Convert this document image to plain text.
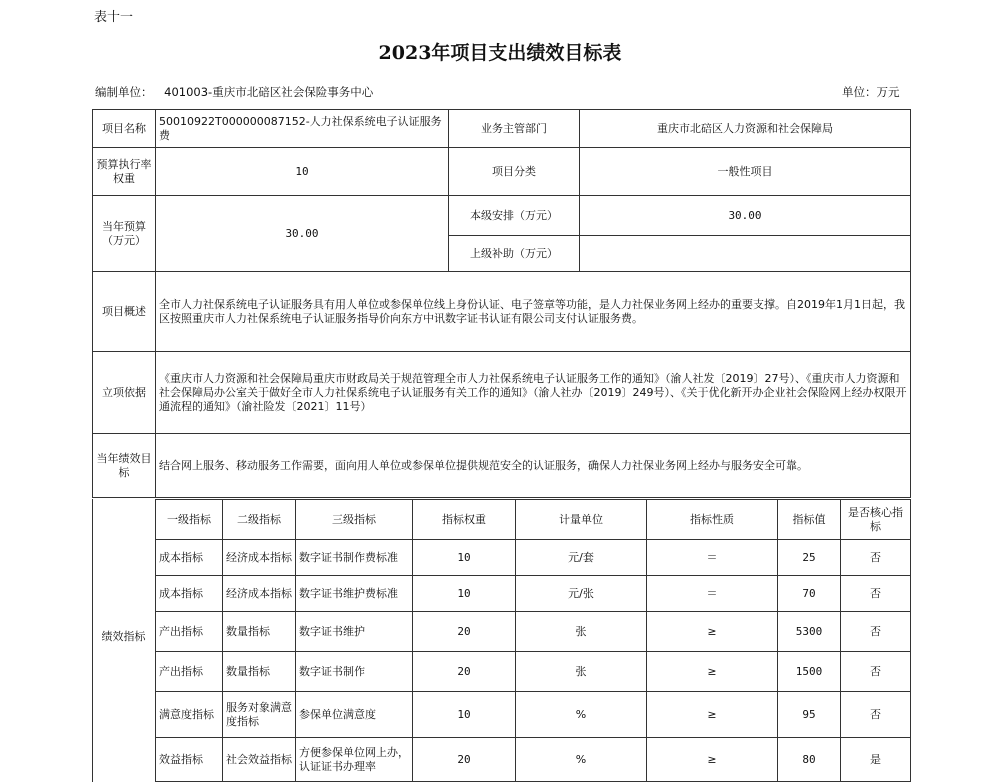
表十一
2023年项目支出绩效目标表
编制单位： 401003-重庆市北碚区社会保险事务中心	单位：万元
项目名称	50010922T000000087152-人力社保系统电子认证服务费	业务主管部门	重庆市北碚区人力资源和社会保障局
预算执行率权重	10	项目分类	一般性项目
当年预算（万元）	30.00	本级安排（万元）	30.00
		上级补助（万元）	
项目概述	全市人力社保系统电子认证服务具有用人单位或参保单位线上身份认证、电子签章等功能，是人力社保业务网上经办的重要支撑。自2019年1月1日起，我区按照重庆市人力社保系统电子认证服务指导价向东方中讯数字证书认证有限公司支付认证服务费。		
立项依据	《重庆市人力资源和社会保障局重庆市财政局关于规范管理全市人力社保系统电子认证服务工作的通知》（渝人社发〔2019〕27号）、《重庆市人力资源和社会保障局办公室关于做好全市人力社保系统电子认证服务有关工作的通知》（渝人社办〔2019〕249号）、《关于优化新开办企业社会保险网上经办权限开通流程的通知》（渝社险发〔2021〕11号）		
当年绩效目标	结合网上服务、移动服务工作需要，面向用人单位或参保单位提供规范安全的认证服务，确保人力社保业务网上经办与服务安全可靠。		
绩效指标
一级指标	二级指标	三级指标	指标权重	计量单位	指标性质	指标值	是否核心指标
成本指标	经济成本指标	数字证书制作费标准	10	元/套	＝	25	否
成本指标	经济成本指标	数字证书维护费标准	10	元/张	＝	70	否
产出指标	数量指标	数字证书维护	20	张	≥	5300	否
产出指标	数量指标	数字证书制作	20	张	≥	1500	否
满意度指标	服务对象满意度指标	参保单位满意度	10	%	≥	95	否
效益指标	社会效益指标	方便参保单位网上办，认证证书办理率	20	%	≥	80	是
